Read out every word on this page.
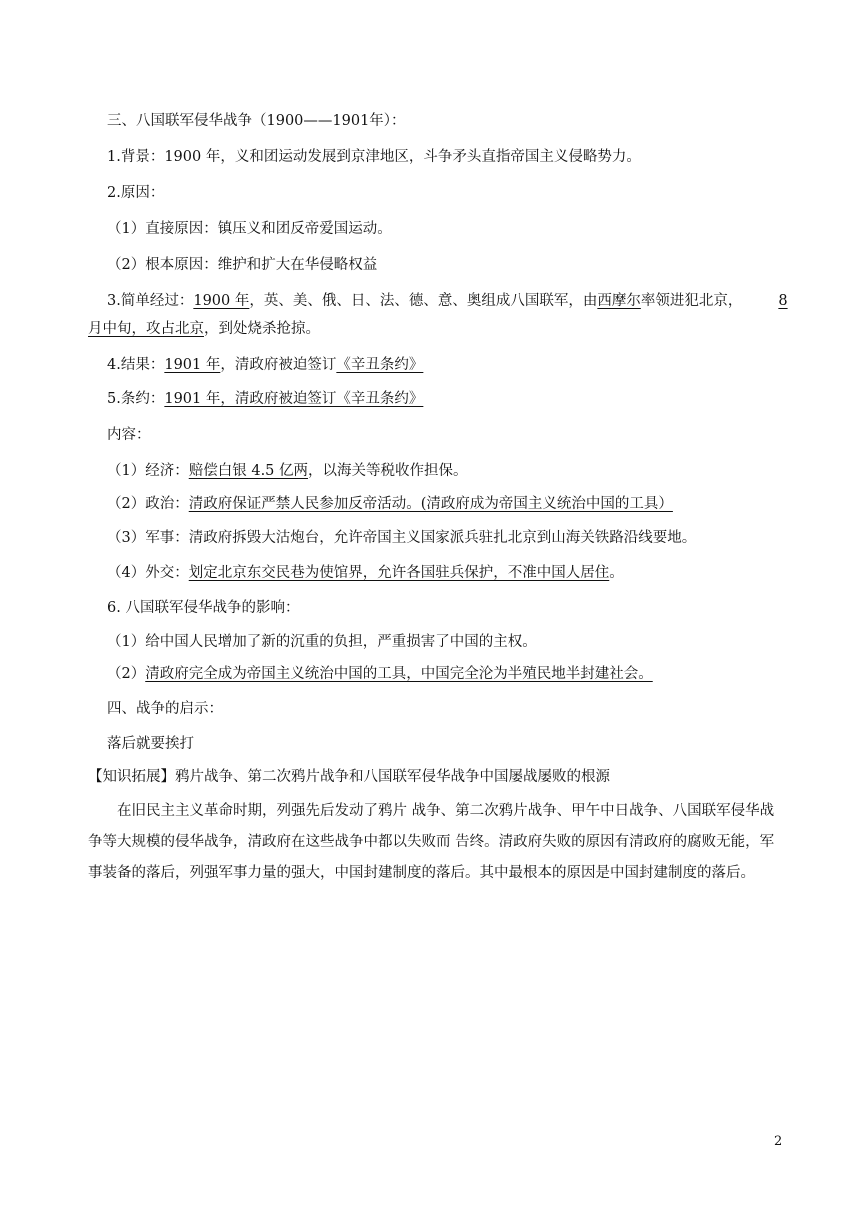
三、八国联军侵华战争（1900——1901年）：
1.背景：1900 年，义和团运动发展到京津地区，斗争矛头直指帝国主义侵略势力。
2.原因：
（1）直接原因：镇压义和团反帝爱国运动。
（2）根本原因：维护和扩大在华侵略权益
3.简单经过：1900 年，英、美、俄、日、法、德、意、奥组成八国联军，由西摩尔率领进犯北京， 8
月中旬，攻占北京，到处烧杀抢掠。
4.结果：1901 年，清政府被迫签订《辛丑条约》
5.条约：1901 年，清政府被迫签订《辛丑条约》
内容：
（1）经济：赔偿白银 4.5 亿两，以海关等税收作担保。
（2）政治：清政府保证严禁人民参加反帝活动。(清政府成为帝国主义统治中国的工具）
（3）军事：清政府拆毁大沽炮台，允许帝国主义国家派兵驻扎北京到山海关铁路沿线要地。
（4）外交：划定北京东交民巷为使馆界，允许各国驻兵保护，不准中国人居住。
6. 八国联军侵华战争的影响：
（1）给中国人民增加了新的沉重的负担，严重损害了中国的主权。
（2）清政府完全成为帝国主义统治中国的工具，中国完全沦为半殖民地半封建社会。
四、战争的启示：
落后就要挨打
【知识拓展】鸦片战争、第二次鸦片战争和八国联军侵华战争中国屡战屡败的根源
在旧民主主义革命时期，列强先后发动了鸦片 战争、第二次鸦片战争、甲午中日战争、八国联军侵华战 争等大规模的侵华战争，清政府在这些战争中都以失败而 告终。清政府失败的原因有清政府的腐败无能，军事装备的落后，列强军事力量的强大，中国封建制度的落后。其中最根本的原因是中国封建制度的落后。
2
